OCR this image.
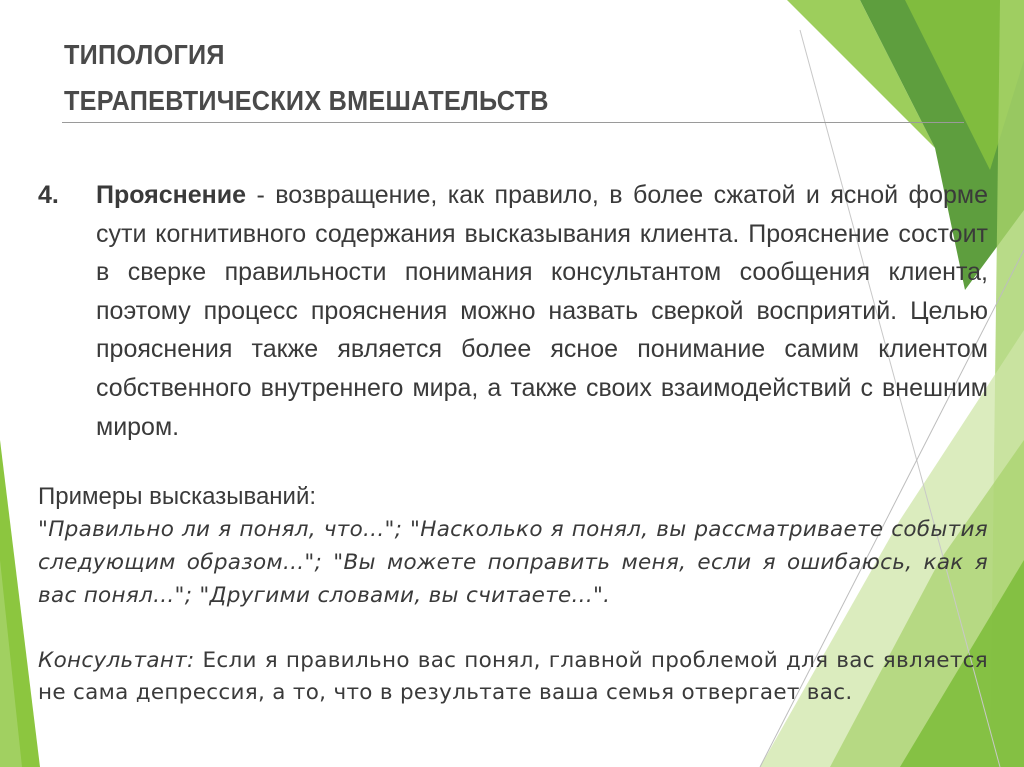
ТИПОЛОГИЯ
ТЕРАПЕВТИЧЕСКИХ ВМЕШАТЕЛЬСТВ
4. Прояснение - возвращение, как правило, в более сжатой и ясной форме сути когнитивного содержания высказывания клиента. Прояснение состоит в сверке правильности понимания консультантом сообщения клиента, поэтому процесс прояснения можно назвать сверкой восприятий. Целью прояснения также является более ясное понимание самим клиентом собственного внутреннего мира, а также своих взаимодействий с внешним миром.
Примеры высказываний:
"Правильно ли я понял, что..."; "Насколько я понял, вы рассматриваете события следующим образом..."; "Вы можете поправить меня, если я ошибаюсь, как я вас понял..."; "Другими словами, вы считаете...".
Консультант: Если я правильно вас понял, главной проблемой для вас является не сама депрессия, а то, что в результате ваша семья отвергает вас.
